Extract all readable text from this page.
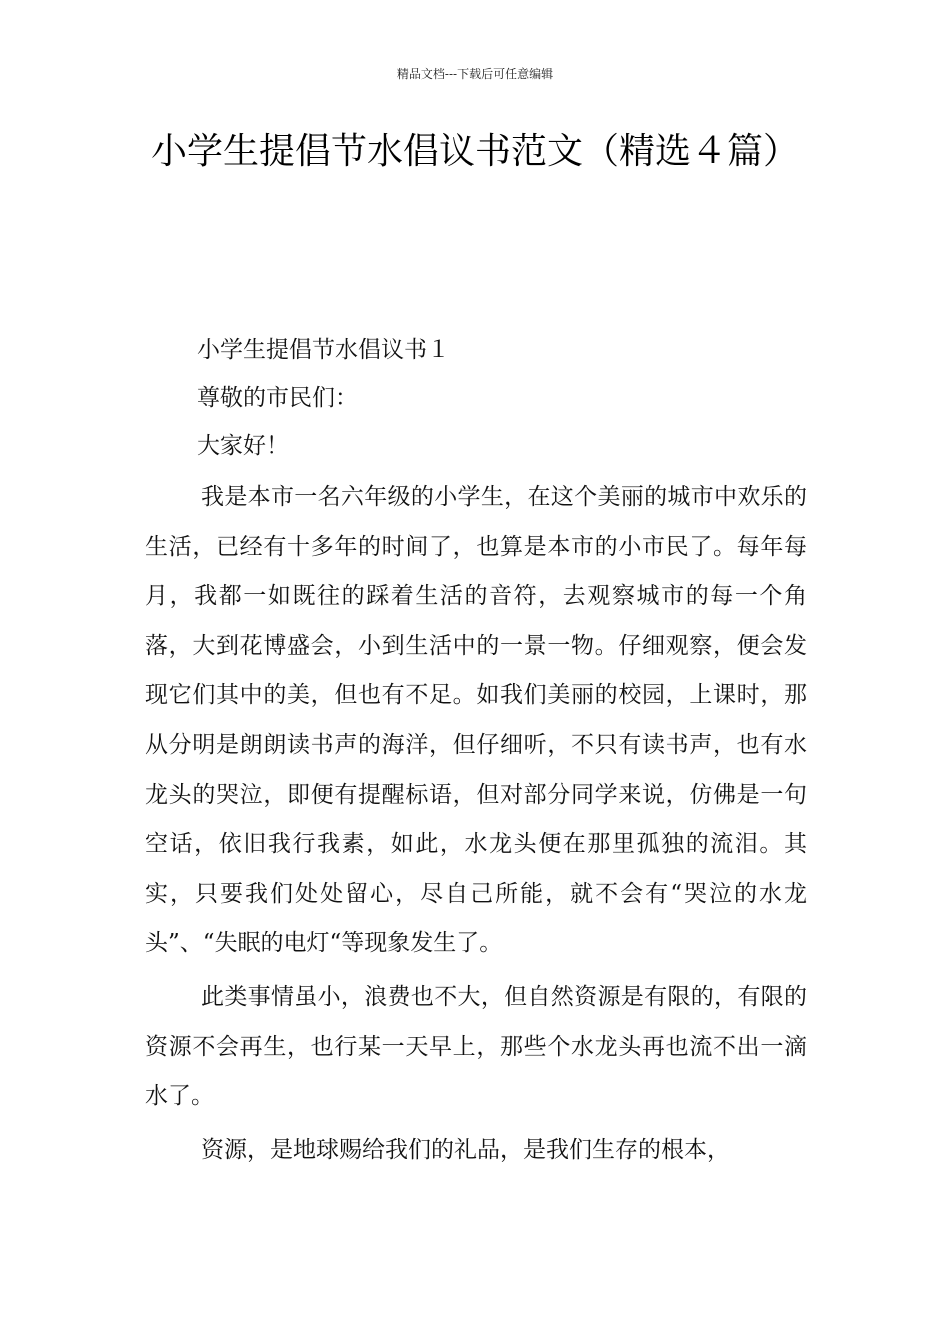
精品文档---下载后可任意编辑
小学生提倡节水倡议书范文（精选４篇）

小学生提倡节水倡议书１

尊敬的市民们：

大家好！

我是本市一名六年级的小学生，在这个美丽的城市中欢乐的生活，已经有十多年的时间了，也算是本市的小市民了。每年每月，我都一如既往的踩着生活的音符，去观察城市的每一个角落，大到花博盛会，小到生活中的一景一物。仔细观察，便会发现它们其中的美，但也有不足。如我们美丽的校园，上课时，那从分明是朗朗读书声的海洋，但仔细听，不只有读书声，也有水龙头的哭泣，即便有提醒标语，但对部分同学来说，仿佛是一句空话，依旧我行我素，如此，水龙头便在那里孤独的流泪。其实，只要我们处处留心，尽自己所能，就不会有“哭泣的水龙头”、“失眠的电灯“等现象发生了。

此类事情虽小，浪费也不大，但自然资源是有限的，有限的资源不会再生，也行某一天早上，那些个水龙头再也流不出一滴水了。

资源，是地球赐给我们的礼品，是我们生存的根本，
